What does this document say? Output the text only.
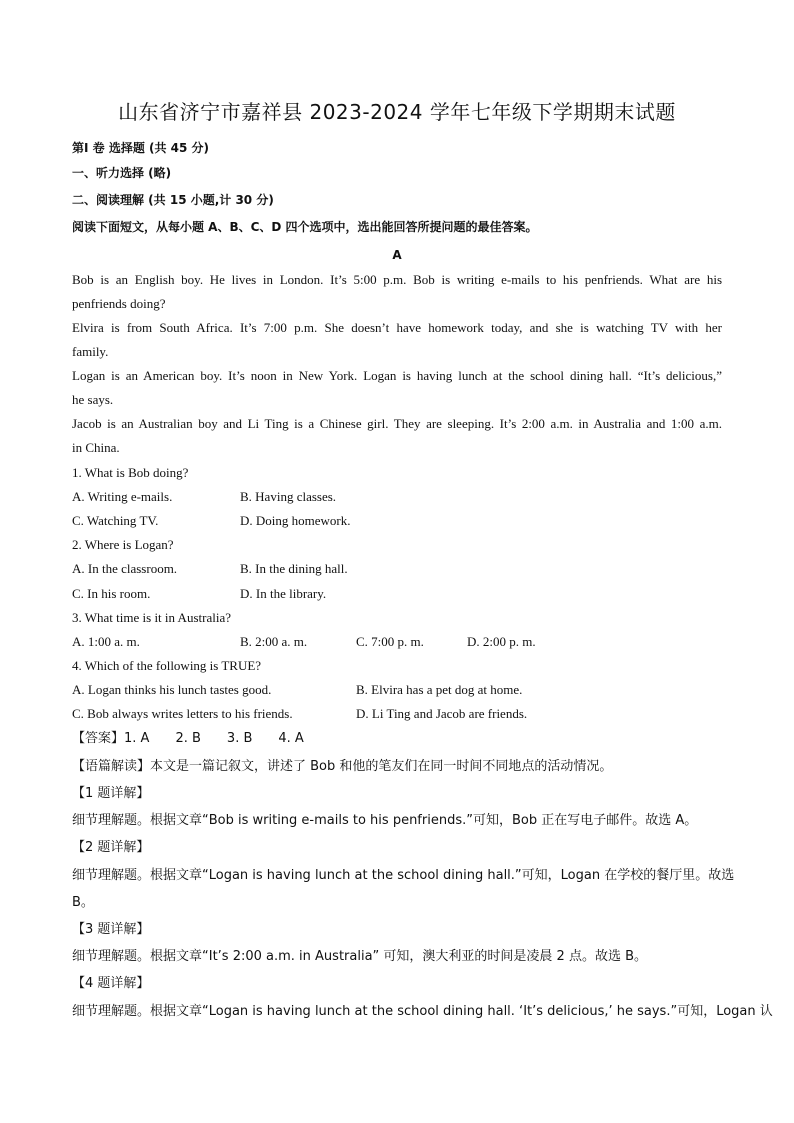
山东省济宁市嘉祥县 2023-2024 学年七年级下学期期末试题
第Ⅰ 卷 选择题 (共 45 分)
一、听力选择 (略)
二、阅读理解 (共 15 小题,计 30 分)
阅读下面短文，从每小题 A、B、C、D 四个选项中，选出能回答所提问题的最佳答案。
A
Bob is an English boy. He lives in London. It’s 5:00 p.m. Bob is writing e-mails to his penfriends. What are his
penfriends doing?
Elvira is from South Africa. It’s 7:00 p.m. She doesn’t have homework today, and she is watching TV with her
family.
Logan is an American boy. It’s noon in New York. Logan is having lunch at the school dining hall. “It’s delicious,”
he says.
Jacob is an Australian boy and Li Ting is a Chinese girl. They are sleeping. It’s 2:00 a.m. in Australia and 1:00 a.m.
in China.
1. What is Bob doing?
A. Writing e-mails.	B. Having classes.
C. Watching TV.	D. Doing homework.
2. Where is Logan?
A. In the classroom.	B. In the dining hall.
C. In his room.	D. In the library.
3. What time is it in Australia?
A. 1:00 a. m.	B. 2:00 a. m.	C. 7:00 p. m.	D. 2:00 p. m.
4. Which of the following is TRUE?
A. Logan thinks his lunch tastes good.	B. Elvira has a pet dog at home.
C. Bob always writes letters to his friends.	D. Li Ting and Jacob are friends.
【答案】1. A 2. B 3. B 4. A
【语篇解读】本文是一篇记叙文，讲述了 Bob 和他的笔友们在同一时间不同地点的活动情况。
【1 题详解】
细节理解题。根据文章“Bob is writing e-mails to his penfriends.”可知，Bob 正在写电子邮件。故选 A。
【2 题详解】
细节理解题。根据文章“Logan is having lunch at the school dining hall.”可知，Logan 在学校的餐厅里。故选
B。
【3 题详解】
细节理解题。根据文章“It’s 2:00 a.m. in Australia” 可知，澳大利亚的时间是凌晨 2 点。故选 B。
【4 题详解】
细节理解题。根据文章“Logan is having lunch at the school dining hall. ‘It’s delicious,’ he says.”可知，Logan 认
